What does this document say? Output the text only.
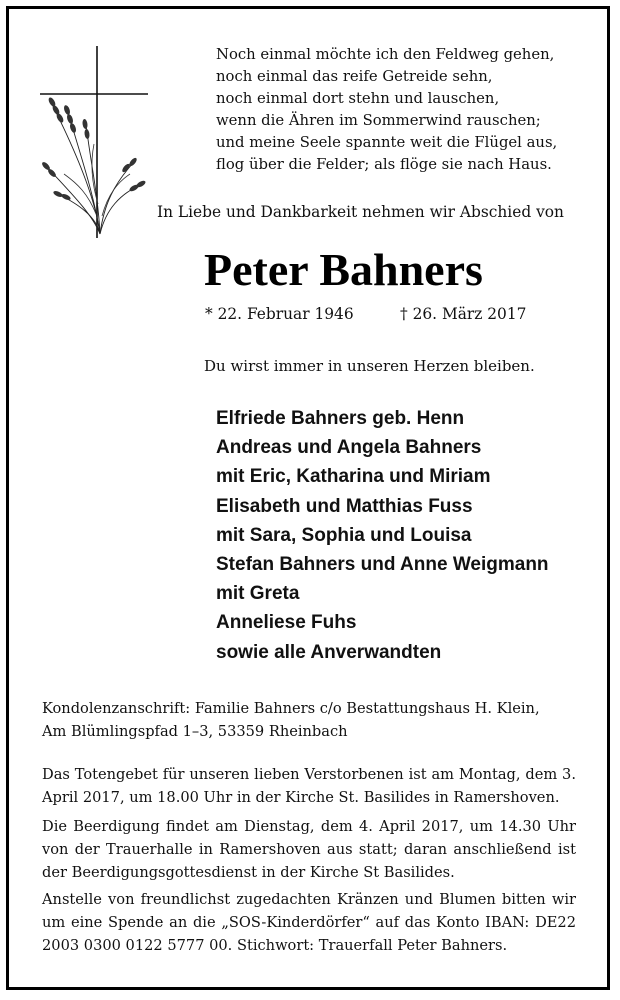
Noch einmal möchte ich den Feldweg gehen,
noch einmal das reife Getreide sehn,
noch einmal dort stehn und lauschen,
wenn die Ähren im Sommerwind rauschen;
und meine Seele spannte weit die Flügel aus,
flog über die Felder; als flöge sie nach Haus.
In Liebe und Dankbarkeit nehmen wir Abschied von
Peter Bahners
* 22. Februar 1946	† 26. März 2017
Du wirst immer in unseren Herzen bleiben.
Elfriede Bahners geb. Henn
Andreas und Angela Bahners
mit Eric, Katharina und Miriam
Elisabeth und Matthias Fuss
mit Sara, Sophia und Louisa
Stefan Bahners und Anne Weigmann
mit Greta
Anneliese Fuhs
sowie alle Anverwandten

Kondolenzanschrift: Familie Bahners c/o Bestattungshaus H. Klein,

Am Blümlingspfad 1–3, 53359 Rheinbach

Das Totengebet für unseren lieben Verstorbenen ist am Montag, dem 3. April 2017, um 18.00 Uhr in der Kirche St. Basilides in Ramershoven.

Die Beerdigung findet am Dienstag, dem 4. April 2017, um 14.30 Uhr von der Trauerhalle in Ramershoven aus statt; daran anschließend ist der Beerdigungsgottesdienst in der Kirche St Basilides.

Anstelle von freundlichst zugedachten Kränzen und Blumen bitten wir um eine Spende an die „SOS-Kinderdörfer“ auf das Konto IBAN: DE22 2003 0300 0122 5777 00. Stichwort: Trauerfall Peter Bahners.
